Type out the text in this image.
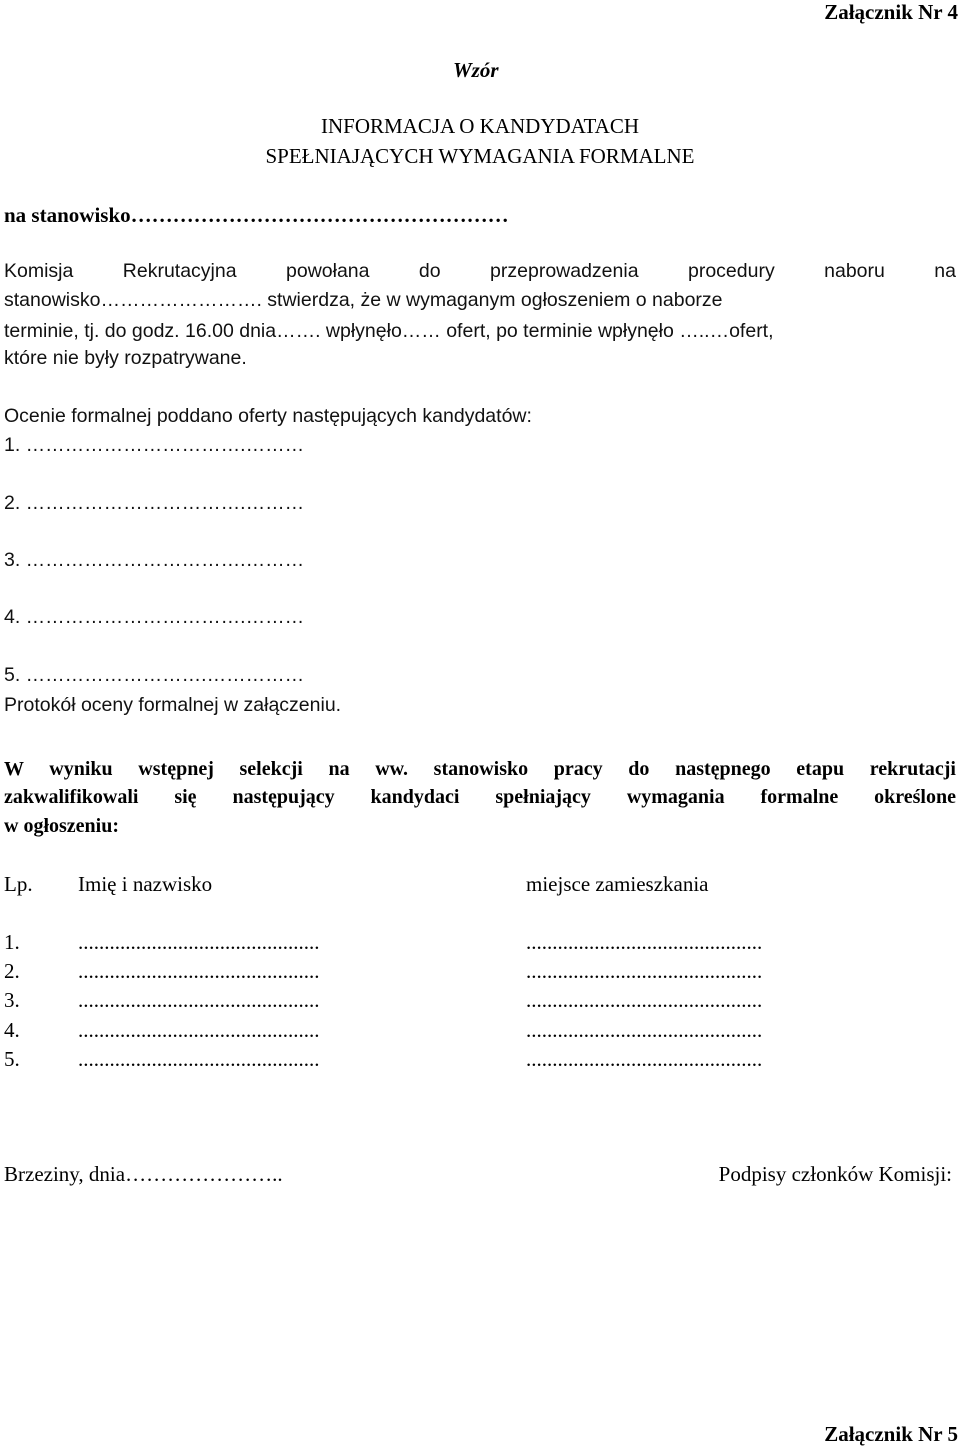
Załącznik Nr 4
Wzór
INFORMACJA O KANDYDATACH
SPEŁNIAJĄCYCH WYMAGANIA FORMALNE
na stanowisko………………………………………………
Komisja	Rekrutacyjna	powołana	do	przeprowadzenia	procedury	naboru	na
stanowisko……………………. stwierdza, że w wymaganym ogłoszeniem o naborze
terminie, tj. do godz. 16.00 dnia……. wpłynęło…… ofert, po terminie wpłynęło …..…ofert,
które nie były rozpatrywane.
Ocenie formalnej poddano oferty następujących kandydatów:
1. …………………………….………
2. …………………………….………
3. …………………………….………
4. …………………………….………
5. ……………………….……………
Protokół oceny formalnej w załączeniu.
W wyniku wstępnej selekcji na ww. stanowisko pracy do następnego etapu rekrutacji
zakwalifikowali się następujący kandydaci spełniający wymagania formalne określone
w ogłoszeniu:
Lp. Imię i nazwisko	miejsce zamieszkania
1.	..............................................	.............................................
2.	..............................................	.............................................
3.	..............................................	.............................................
4.	..............................................	.............................................
5.	..............................................	.............................................
Brzeziny, dnia…………………..	Podpisy członków Komisji:
Załącznik Nr 5
